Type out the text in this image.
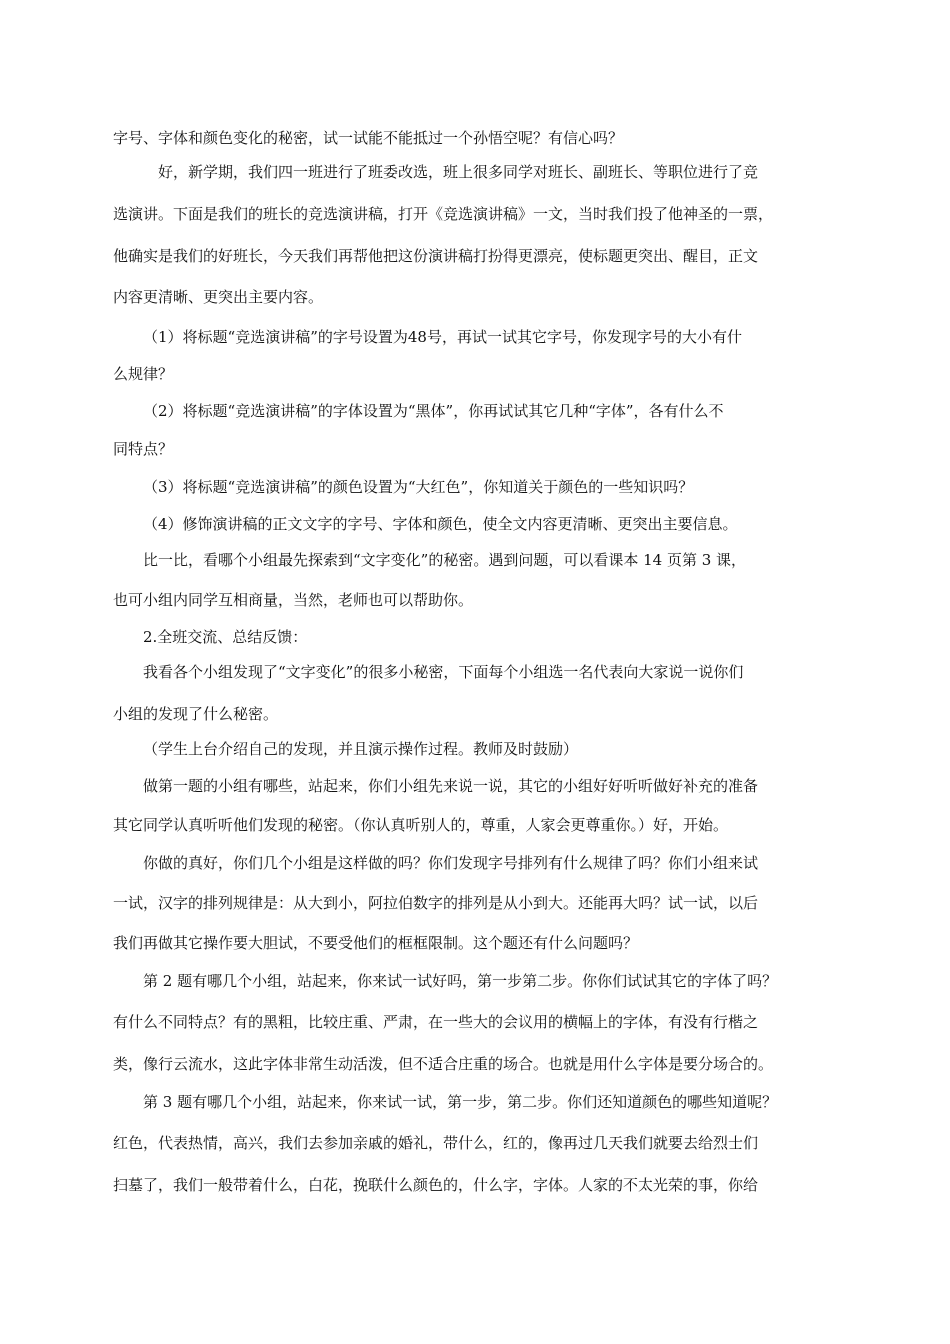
字号、字体和颜色变化的秘密，试一试能不能抵过一个孙悟空呢？有信心吗？

好，新学期，我们四一班进行了班委改选，班上很多同学对班长、副班长、等职位进行了竞

选演讲。下面是我们的班长的竞选演讲稿，打开《竞选演讲稿》一文，当时我们投了他神圣的一票，

他确实是我们的好班长，今天我们再帮他把这份演讲稿打扮得更漂亮，使标题更突出、醒目，正文

内容更清晰、更突出主要内容。

（1）将标题“竞选演讲稿”的字号设置为48号，再试一试其它字号，你发现字号的大小有什

么规律？

（2）将标题“竞选演讲稿”的字体设置为“黑体”，你再试试其它几种“字体”，各有什么不

同特点？

（3）将标题“竞选演讲稿”的颜色设置为“大红色”，你知道关于颜色的一些知识吗？

（4）修饰演讲稿的正文文字的字号、字体和颜色，使全文内容更清晰、更突出主要信息。

比一比，看哪个小组最先探索到“文字变化”的秘密。遇到问题，可以看课本 14 页第 3 课，

也可小组内同学互相商量，当然，老师也可以帮助你。

2.全班交流、总结反馈：

我看各个小组发现了“文字变化”的很多小秘密，下面每个小组选一名代表向大家说一说你们

小组的发现了什么秘密。

（学生上台介绍自己的发现，并且演示操作过程。教师及时鼓励）

做第一题的小组有哪些，站起来，你们小组先来说一说，其它的小组好好听听做好补充的准备

其它同学认真听听他们发现的秘密。（你认真听别人的，尊重，人家会更尊重你。）好，开始。

你做的真好，你们几个小组是这样做的吗？你们发现字号排列有什么规律了吗？你们小组来试

一试，汉字的排列规律是：从大到小，阿拉伯数字的排列是从小到大。还能再大吗？试一试，以后

我们再做其它操作要大胆试，不要受他们的框框限制。这个题还有什么问题吗？

第 2 题有哪几个小组，站起来，你来试一试好吗，第一步第二步。你你们试试其它的字体了吗？

有什么不同特点？有的黑粗，比较庄重、严肃，在一些大的会议用的横幅上的字体，有没有行楷之

类，像行云流水，这此字体非常生动活泼，但不适合庄重的场合。也就是用什么字体是要分场合的。

第 3 题有哪几个小组，站起来，你来试一试，第一步，第二步。你们还知道颜色的哪些知道呢？

红色，代表热情，高兴，我们去参加亲戚的婚礼，带什么，红的，像再过几天我们就要去给烈士们

扫墓了，我们一般带着什么，白花，挽联什么颜色的，什么字，字体。人家的不太光荣的事，你给
